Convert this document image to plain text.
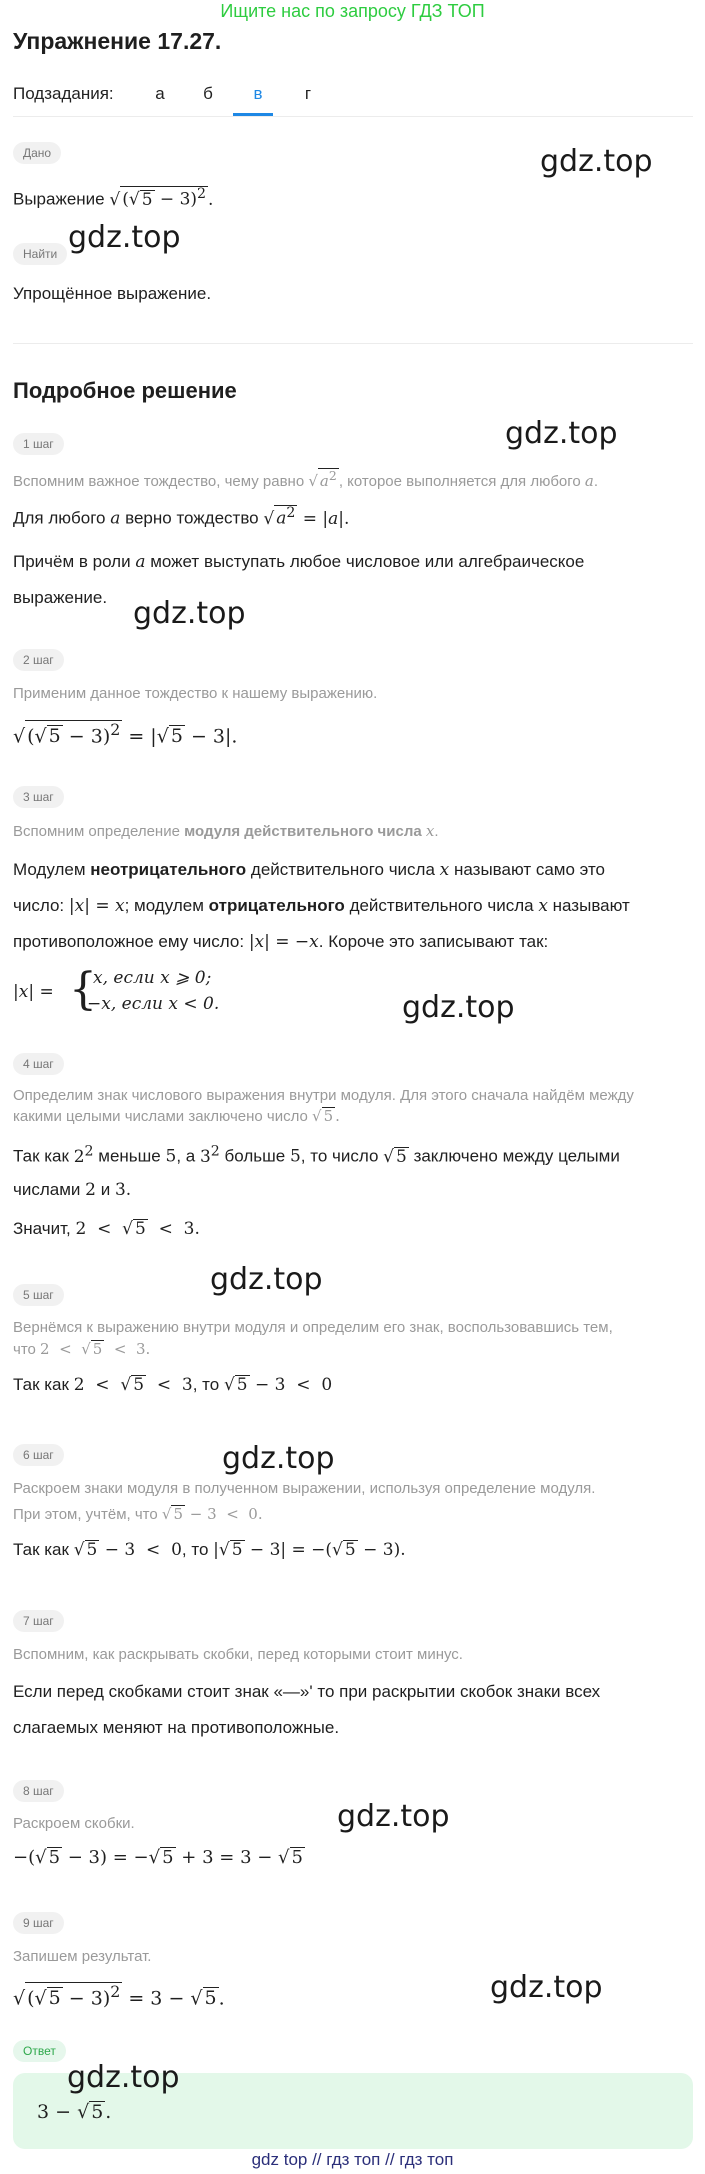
Ищите нас по запросу ГДЗ ТОП
Упражнение 17.27.
Подзадания:	а	б	в	г
Дано
Выражение √ (√ 5 − 3)$^2$ .
Найти
Упрощённое выражение.
Подробное решение
1 шаг
Вспомним важное тождество, чему равно √ $a^2$ , которое выполняется для любого a.
Для любого a верно тождество √ $a^2 = |a|$.
Причём в роли a может выступать любое числовое или алгебраическое
выражение.
2 шаг
Применим данное тождество к нашему выражению.
√ (√ 5 − 3)$^2$ = |√ 5 − 3|.
3 шаг
Вспомним определение модуля действительного числа x.
Модулем неотрицательного действительного числа x называют само это
число: |x| = x; модулем отрицательного действительного числа x называют
противоположное ему число: |x| = −x. Короче это записывают так:
|x| = {
x, если x ⩾ 0;
−x, если x < 0.
4 шаг
Определим знак числового выражения внутри модуля. Для этого сначала найдём между
какими целыми числами заключено число √ 5 .
Так как $2^2$ меньше 5, а $3^2$ больше 5, то число √ 5 заключено между целыми
числами 2 и 3.
Значит, 2  <  √ 5  <  3.
5 шаг
Вернёмся к выражению внутри модуля и определим его знак, воспользовавшись тем,
что 2  <  √ 5  <  3.
Так как 2  <  √ 5  <  3, то √ 5 − 3  <  0
6 шаг
Раскроем знаки модуля в полученном выражении, используя определение модуля.
При этом, учтём, что √ 5 − 3  <  0.
Так как √ 5 − 3  <  0, то |√ 5 − 3| = −(√ 5 − 3).
7 шаг
Вспомним, как раскрывать скобки, перед которыми стоит минус.
Если перед скобками стоит знак «—»' то при раскрытии скобок знаки всех
слагаемых меняют на противоположные.
8 шаг
Раскроем скобки.
−(√ 5 − 3) = −√ 5 + 3 = 3 − √ 5
9 шаг
Запишем результат.
√ (√ 5 − 3)$^2$ = 3 − √ 5 .
Ответ
3 − √ 5 .
gdz.top
gdz.top
gdz.top
gdz.top
gdz.top
gdz.top
gdz.top
gdz.top
gdz.top
gdz.top
gdz top // гдз топ // гдз топ
